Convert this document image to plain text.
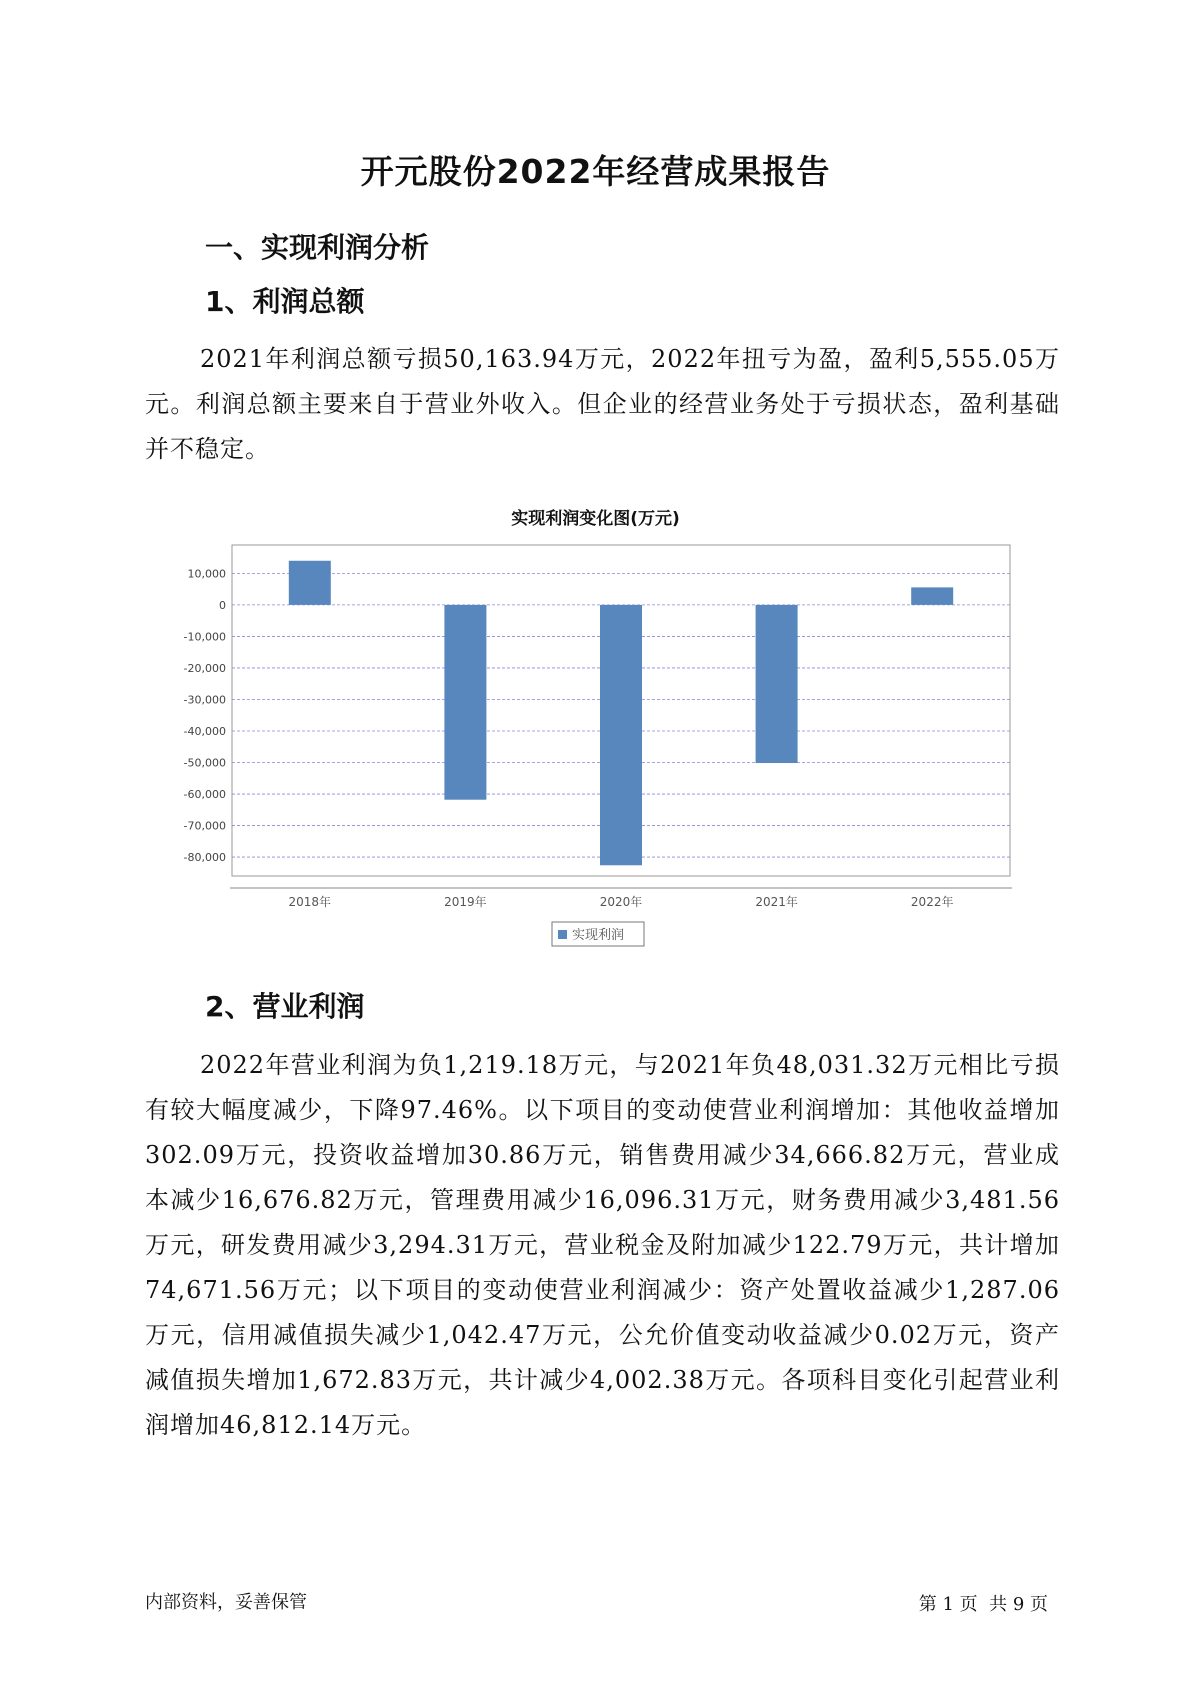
开元股份2022年经营成果报告
一、实现利润分析
1、利润总额

2021年利润总额亏损50,163.94万元，2022年扭亏为盈，盈利5,555.05万元。利润总额主要来自于营业外收入。但企业的经营业务处于亏损状态，盈利基础并不稳定。

实现利润变化图(万元)
10,000
0
-10,000
-20,000
-30,000
-40,000
-50,000
-60,000
-70,000
-80,000
2018年	2019年	2020年	2021年	2022年
实现利润
2、营业利润

2022年营业利润为负1,219.18万元，与2021年负48,031.32万元相比亏损有较大幅度减少，下降97.46%。以下项目的变动使营业利润增加：其他收益增加302.09万元，投资收益增加30.86万元，销售费用减少34,666.82万元，营业成本减少16,676.82万元，管理费用减少16,096.31万元，财务费用减少3,481.56万元，研发费用减少3,294.31万元，营业税金及附加减少122.79万元，共计增加74,671.56万元；以下项目的变动使营业利润减少：资产处置收益减少1,287.06万元，信用减值损失减少1,042.47万元，公允价值变动收益减少0.02万元，资产减值损失增加1,672.83万元，共计减少4,002.38万元。各项科目变化引起营业利润增加46,812.14万元。

内部资料，妥善保管	第 1 页  共 9 页
